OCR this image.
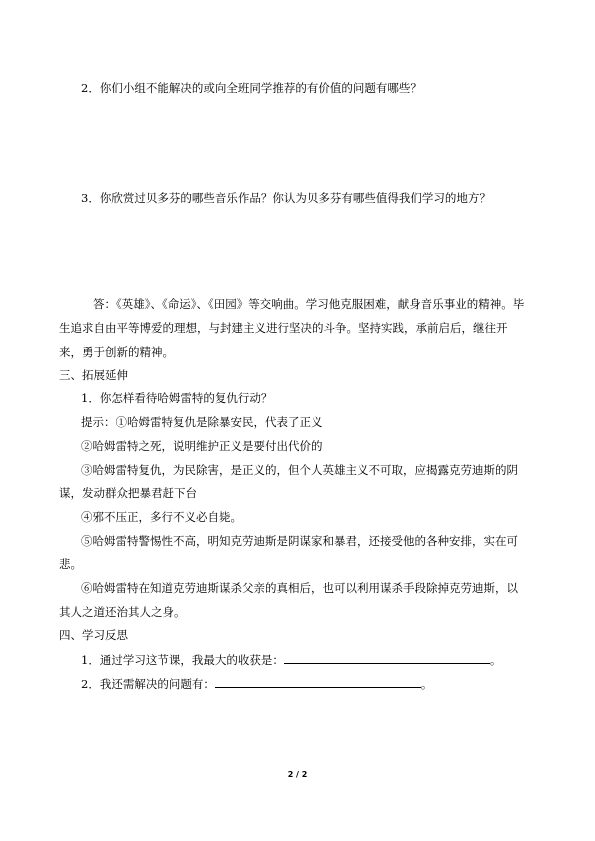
2．你们小组不能解决的或向全班同学推荐的有价值的问题有哪些？
3．你欣赏过贝多芬的哪些音乐作品？你认为贝多芬有哪些值得我们学习的地方？
答：《英雄》、《命运》、《田园》等交响曲。学习他克服困难，献身音乐事业的精神。毕
生追求自由平等博爱的理想，与封建主义进行坚决的斗争。坚持实践，承前启后，继往开
来，勇于创新的精神。
三、拓展延伸
1．你怎样看待哈姆雷特的复仇行动？
提示：①哈姆雷特复仇是除暴安民，代表了正义
②哈姆雷特之死，说明维护正义是要付出代价的
③哈姆雷特复仇，为民除害，是正义的，但个人英雄主义不可取，应揭露克劳迪斯的阴
谋，发动群众把暴君赶下台
④邪不压正，多行不义必自毙。
⑤哈姆雷特警惕性不高，明知克劳迪斯是阴谋家和暴君，还接受他的各种安排，实在可
悲。
⑥哈姆雷特在知道克劳迪斯谋杀父亲的真相后，也可以利用谋杀手段除掉克劳迪斯，以
其人之道还治其人之身。
四、学习反思
1．通过学习这节课，我最大的收获是：	。
2．我还需解决的问题有：	。
2 / 2
